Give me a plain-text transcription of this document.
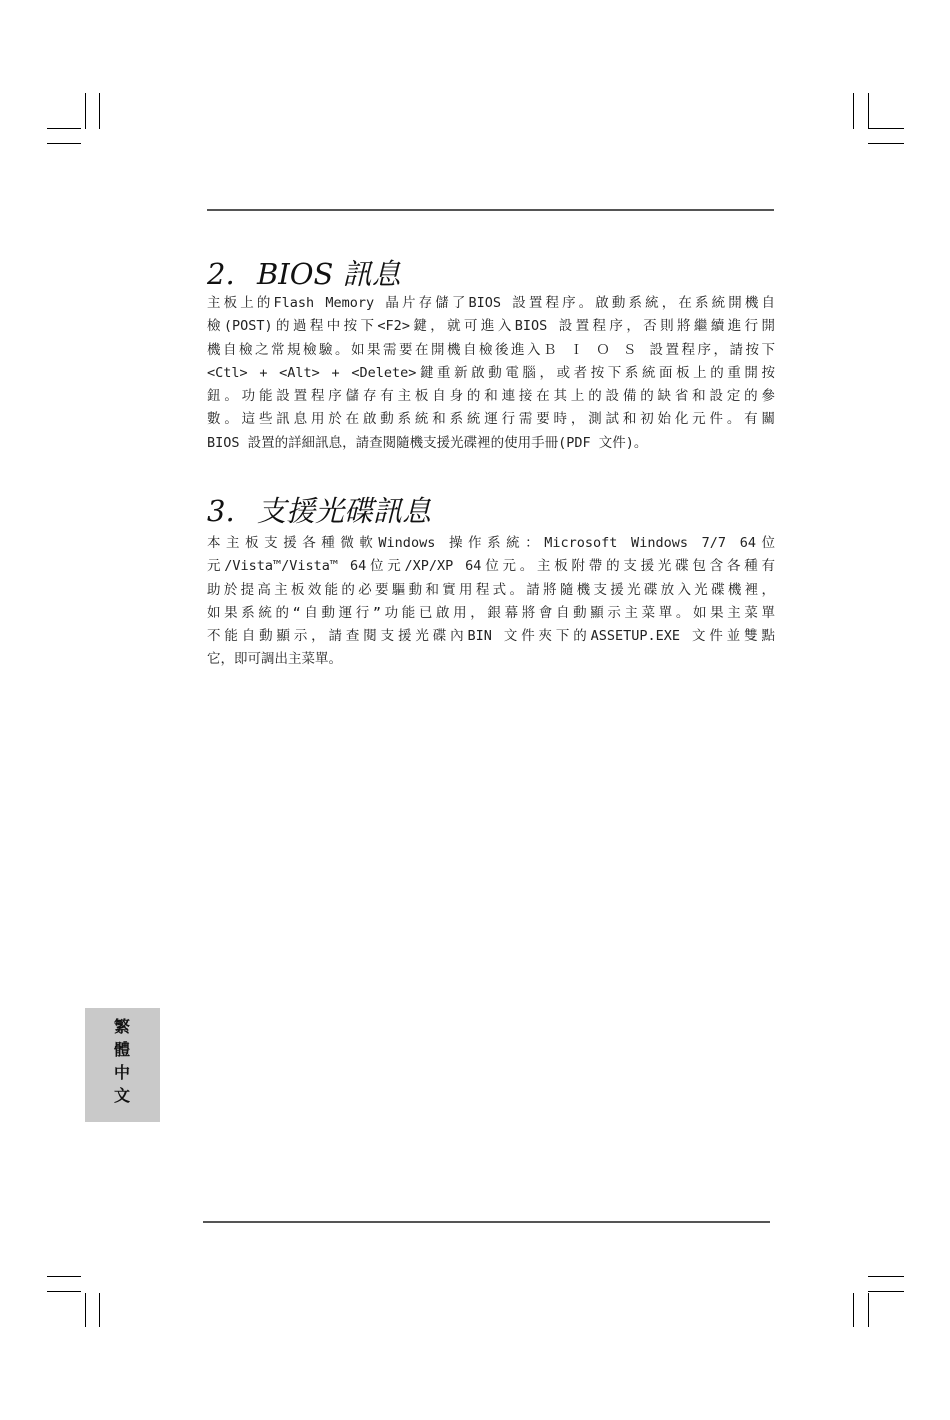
2. BIOS 訊息
主板上的Flash Memory 晶片存儲了BIOS 設置程序。啟動系統，在系統開機自
檢(POST)的過程中按下<F2>鍵，就可進入BIOS 設置程序，否則將繼續進行開
機自檢之常規檢驗。如果需要在開機自檢後進入Ｂ Ｉ Ｏ Ｓ 設置程序，請按下
<Ctl> + <Alt> + <Delete>鍵重新啟動電腦，或者按下系統面板上的重開按
鈕。功能設置程序儲存有主板自身的和連接在其上的設備的缺省和設定的參
數。這些訊息用於在啟動系統和系統運行需要時，測試和初始化元件。有關
BIOS 設置的詳細訊息，請查閱隨機支援光碟裡的使用手冊(PDF 文件)。
3. 支援光碟訊息
本主板支援各種微軟Windows 操作系統：Microsoft Windows 7/7 64位
元/Vista™/Vista™ 64位元/XP/XP 64位元。主板附帶的支援光碟包含各種有
助於提高主板效能的必要驅動和實用程式。請將隨機支援光碟放入光碟機裡，
如果系統的“自動運行”功能已啟用，銀幕將會自動顯示主菜單。如果主菜單
不能自動顯示，請查閱支援光碟內BIN 文件夾下的ASSETUP.EXE 文件並雙點
它，即可調出主菜單。
繁體中文
